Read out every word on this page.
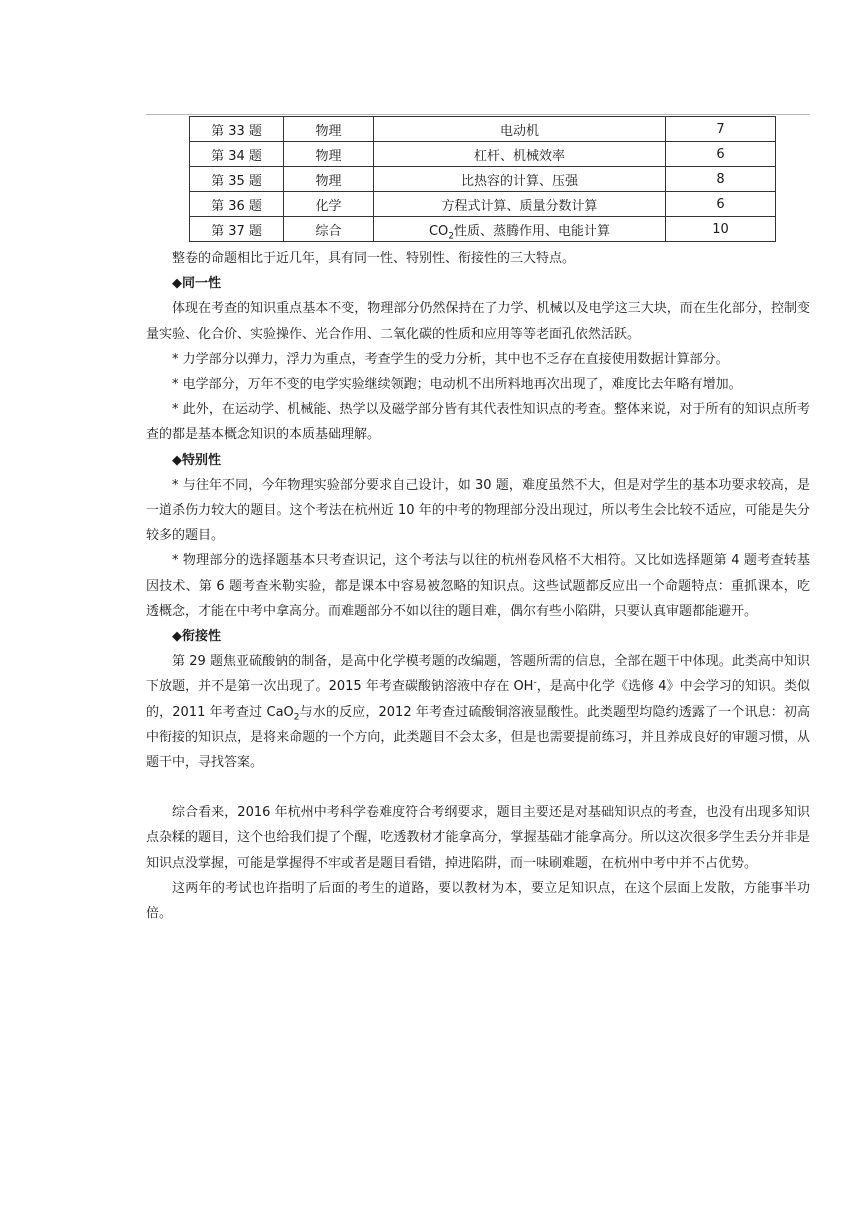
第 33 题	物理	电动机	7
第 34 题	物理	杠杆、机械效率	6
第 35 题	物理	比热容的计算、压强	8
第 36 题	化学	方程式计算、质量分数计算	6
第 37 题	综合	$CO_2$性质、蒸腾作用、电能计算	10

整卷的命题相比于近几年，具有同一性、特别性、衔接性的三大特点。

◆同一性

体现在考查的知识重点基本不变，物理部分仍然保持在了力学、机械以及电学这三大块，而在生化部分，控制变量实验、化合价、实验操作、光合作用、二氧化碳的性质和应用等等老面孔依然活跃。

* 力学部分以弹力，浮力为重点，考查学生的受力分析，其中也不乏存在直接使用数据计算部分。

* 电学部分，万年不变的电学实验继续领跑；电动机不出所料地再次出现了，难度比去年略有增加。

* 此外，在运动学、机械能、热学以及磁学部分皆有其代表性知识点的考查。整体来说，对于所有的知识点所考查的都是基本概念知识的本质基础理解。

◆特别性

* 与往年不同，今年物理实验部分要求自己设计，如 30 题，难度虽然不大，但是对学生的基本功要求较高，是一道杀伤力较大的题目。这个考法在杭州近 10 年的中考的物理部分没出现过，所以考生会比较不适应，可能是失分较多的题目。

* 物理部分的选择题基本只考查识记，这个考法与以往的杭州卷风格不大相符。又比如选择题第 4 题考查转基因技术、第 6 题考查米勒实验，都是课本中容易被忽略的知识点。这些试题都反应出一个命题特点：重抓课本，吃透概念，才能在中考中拿高分。而难题部分不如以往的题目难，偶尔有些小陷阱，只要认真审题都能避开。

◆衔接性

第 29 题焦亚硫酸钠的制备，是高中化学模考题的改编题，答题所需的信息，全部在题干中体现。此类高中知识下放题，并不是第一次出现了。2015 年考查碳酸钠溶液中存在 OH-，是高中化学《选修 4》中会学习的知识。类似的，2011 年考查过 CaO$_2$与水的反应，2012 年考查过硫酸铜溶液显酸性。此类题型均隐约透露了一个讯息：初高中衔接的知识点，是将来命题的一个方向，此类题目不会太多，但是也需要提前练习，并且养成良好的审题习惯，从题干中，寻找答案。

综合看来，2016 年杭州中考科学卷难度符合考纲要求，题目主要还是对基础知识点的考查，也没有出现多知识点杂糅的题目，这个也给我们提了个醒，吃透教材才能拿高分，掌握基础才能拿高分。所以这次很多学生丢分并非是知识点没掌握，可能是掌握得不牢或者是题目看错，掉进陷阱，而一味刷难题，在杭州中考中并不占优势。

这两年的考试也许指明了后面的考生的道路，要以教材为本，要立足知识点，在这个层面上发散，方能事半功倍。
